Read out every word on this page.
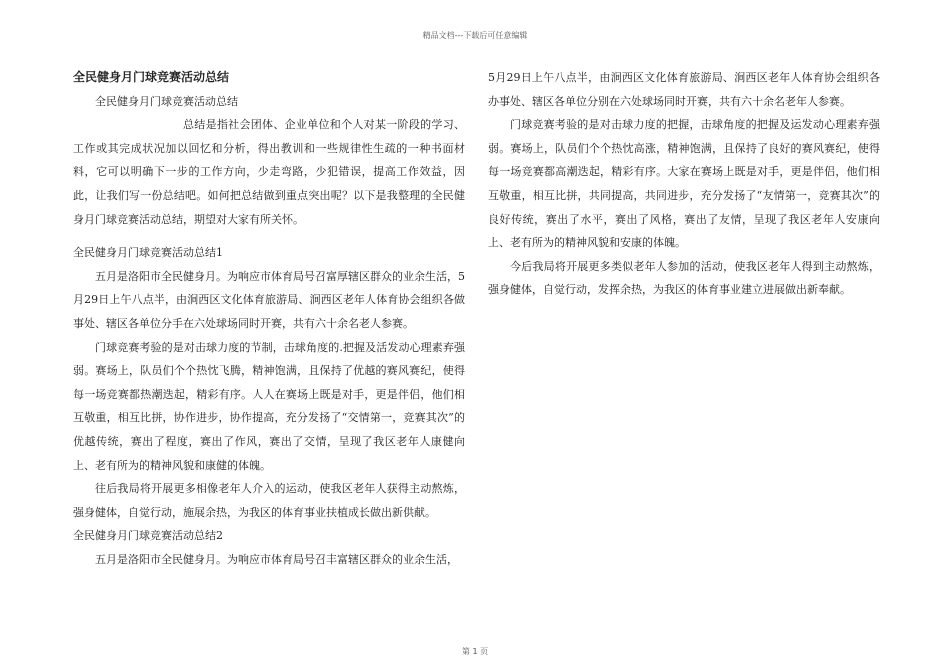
精品文档---下载后可任意编辑

全民健身月门球竞赛活动总结

全民健身月门球竞赛活动总结

总结是指社会团体、企业单位和个人对某一阶段的学习、工作或其完成状况加以回忆和分析，得出教训和一些规律性生疏的一种书面材料，它可以明确下一步的工作方向，少走弯路，少犯错误，提高工作效益，因此，让我们写一份总结吧。如何把总结做到重点突出呢？以下是我整理的全民健身月门球竞赛活动总结，期望对大家有所关怀。

全民健身月门球竞赛活动总结1

五月是洛阳市全民健身月。为响应市体育局号召富厚辖区群众的业余生活，5月29日上午八点半，由涧西区文化体育旅游局、涧西区老年人体育协会组织各做事处、辖区各单位分手在六处球场同时开赛，共有六十余名老人参赛。

门球竞赛考验的是对击球力度的节制，击球角度的.把握及活发动心理素弃强弱。赛场上，队员们个个热忱飞腾，精神饱满，且保持了优越的赛风赛纪，使得每一场竞赛都热潮迭起，精彩有序。人人在赛场上既是对手，更是伴侣，他们相互敬重，相互比拼，协作进步，协作提高，充分发扬了“交情第一，竞赛其次”的优越传统，赛出了程度，赛出了作风，赛出了交情，呈现了我区老年人康健向上、老有所为的精神风貌和康健的体魄。

往后我局将开展更多相像老年人介入的运动，使我区老年人获得主动熬炼，强身健体，自觉行动，施展余热，为我区的体育事业扶植成长做出新供献。

全民健身月门球竞赛活动总结2

五月是洛阳市全民健身月。为响应市体育局号召丰富辖区群众的业余生活，

5月29日上午八点半，由涧西区文化体育旅游局、涧西区老年人体育协会组织各办事处、辖区各单位分别在六处球场同时开赛，共有六十余名老年人参赛。

门球竞赛考验的是对击球力度的把握，击球角度的把握及运发动心理素弃强弱。赛场上，队员们个个热忱高涨，精神饱满，且保持了良好的赛风赛纪，使得每一场竞赛都高潮迭起，精彩有序。大家在赛场上既是对手，更是伴侣，他们相互敬重，相互比拼，共同提高，共同进步，充分发扬了“友情第一，竞赛其次”的良好传统，赛出了水平，赛出了风格，赛出了友情，呈现了我区老年人安康向上、老有所为的精神风貌和安康的体魄。

今后我局将开展更多类似老年人参加的活动，使我区老年人得到主动熬炼，强身健体，自觉行动，发挥余热，为我区的体育事业建立进展做出新奉献。

第 1 页
